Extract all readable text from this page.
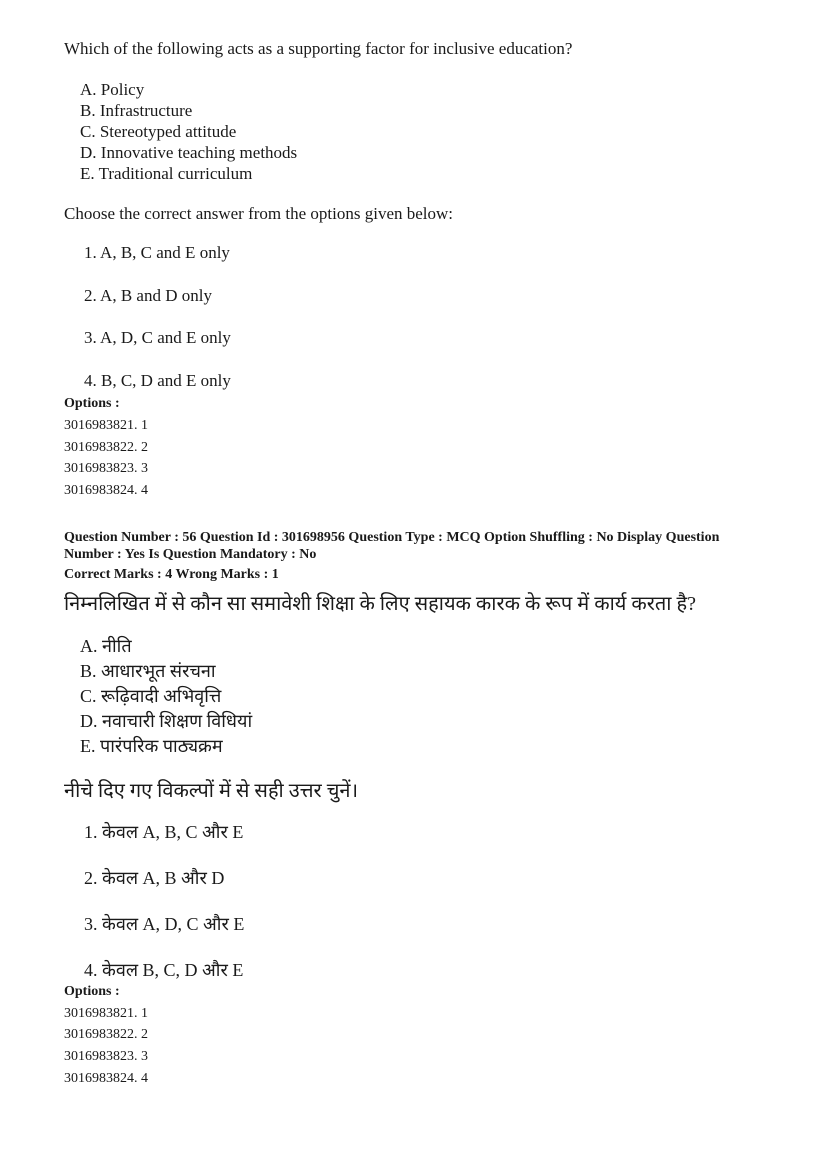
Which of the following acts as a supporting factor for inclusive education?
A. Policy
B. Infrastructure
C. Stereotyped attitude
D. Innovative teaching methods
E. Traditional curriculum
Choose the correct answer from the options given below:
1. A, B, C and E only
2. A, B and D only
3. A, D, C and E only
4. B, C, D and E only
Options :
3016983821. 1
3016983822. 2
3016983823. 3
3016983824. 4
Question Number : 56 Question Id : 301698956 Question Type : MCQ Option Shuffling : No Display Question
Number : Yes Is Question Mandatory : No
Correct Marks : 4 Wrong Marks : 1
निम्नलिखित में से कौन सा समावेशी शिक्षा के लिए सहायक कारक के रूप में कार्य करता है?
A. नीति
B. आधारभूत संरचना
C. रूढ़िवादी अभिवृत्ति
D. नवाचारी शिक्षण विधियां
E. पारंपरिक पाठ्यक्रम
नीचे दिए गए विकल्पों में से सही उत्तर चुनें।
1. केवल A, B, C और E
2. केवल A, B और D
3. केवल A, D, C और E
4. केवल B, C, D और E
Options :
3016983821. 1
3016983822. 2
3016983823. 3
3016983824. 4
